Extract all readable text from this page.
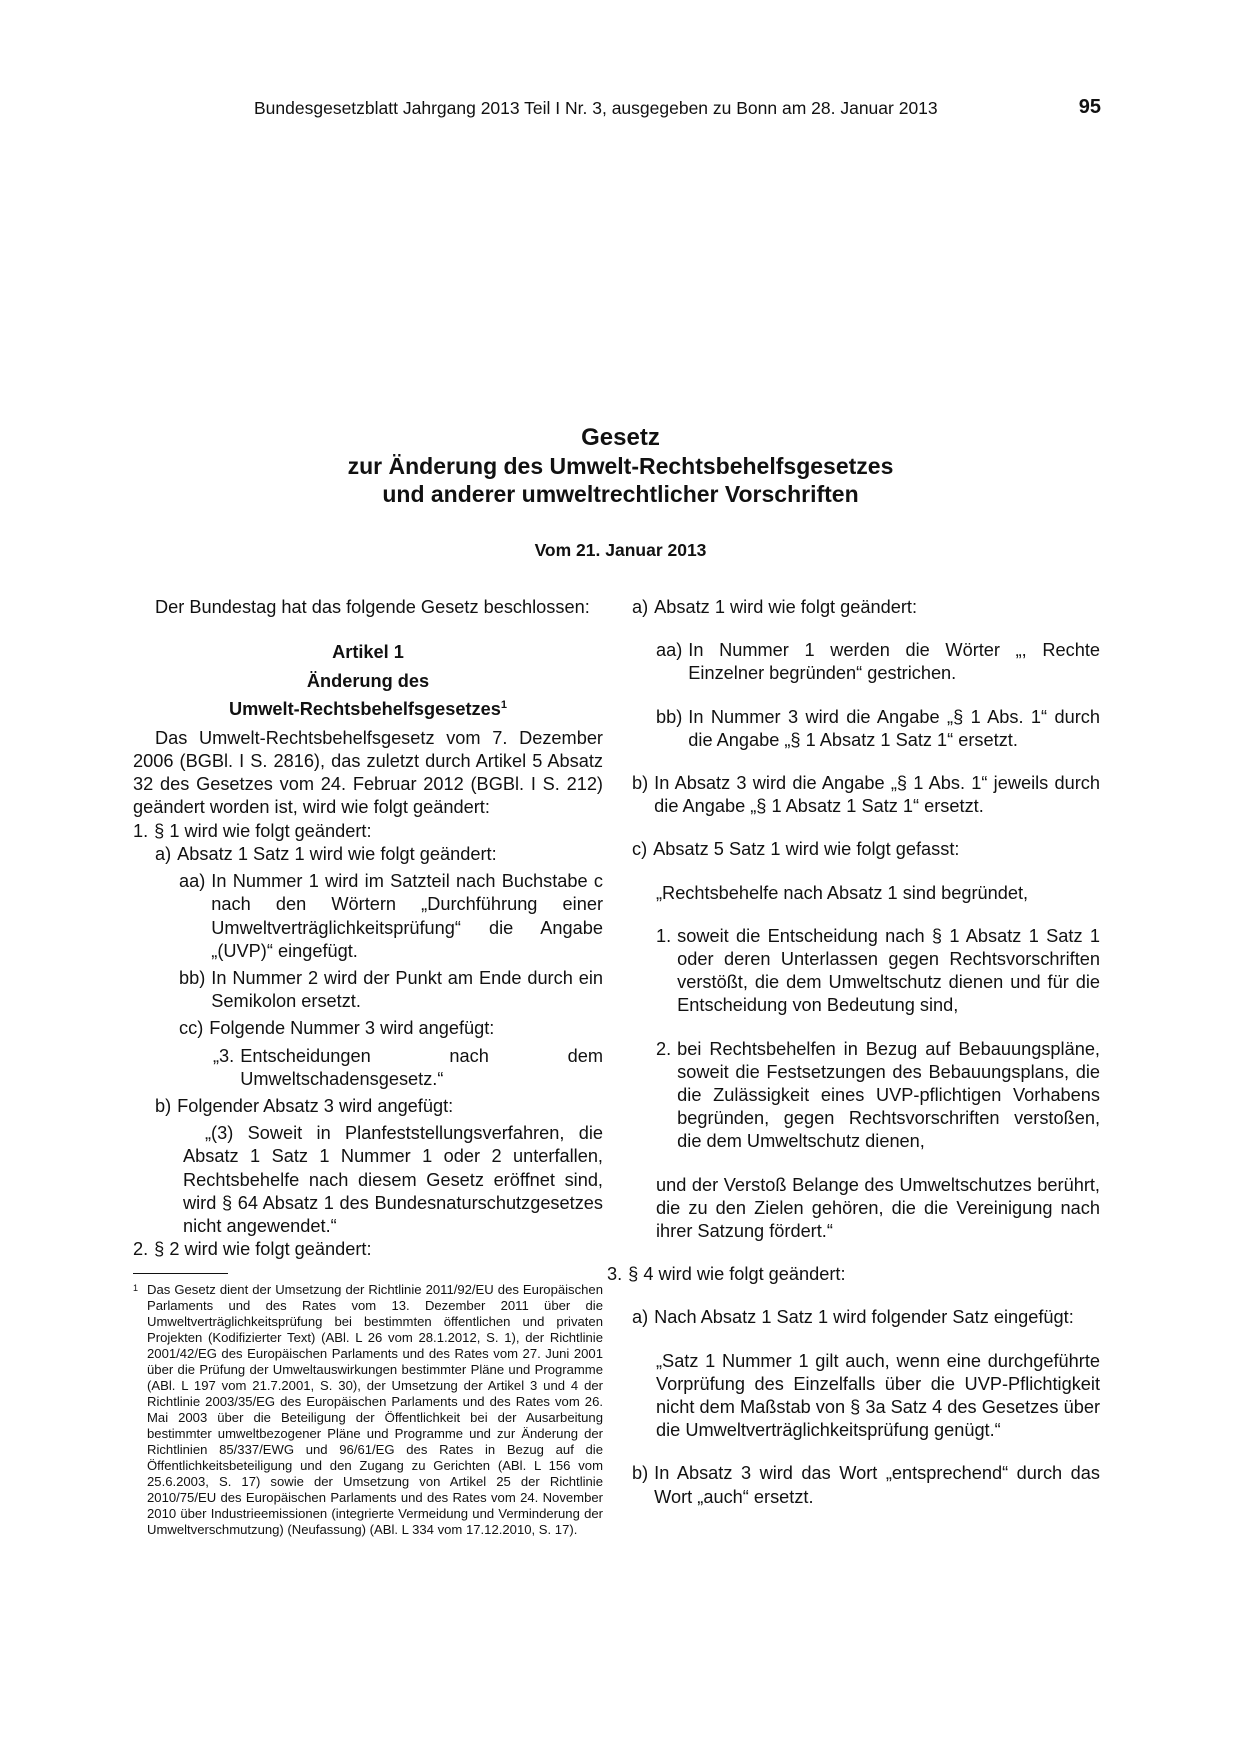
Bundesgesetzblatt Jahrgang 2013 Teil I Nr. 3, ausgegeben zu Bonn am 28. Januar 2013	95
Gesetz
zur Änderung des Umwelt-Rechtsbehelfsgesetzes
und anderer umweltrechtlicher Vorschriften
Vom 21. Januar 2013

Der Bundestag hat das folgende Gesetz beschlossen:

Artikel 1

Änderung des

Umwelt-Rechtsbehelfsgesetzes$^1$

Das Umwelt-Rechtsbehelfsgesetz vom 7. Dezember 2006 (BGBl. I S. 2816), das zuletzt durch Artikel 5 Absatz 32 des Gesetzes vom 24. Februar 2012 (BGBl. I S. 212) geändert worden ist, wird wie folgt geändert:

1. § 1 wird wie folgt geändert:
a) Absatz 1 Satz 1 wird wie folgt geändert:
aa) In Nummer 1 wird im Satzteil nach Buchstabe c nach den Wörtern „Durchführung einer Umweltverträglichkeitsprüfung“ die Angabe „(UVP)“ eingefügt.
bb) In Nummer 2 wird der Punkt am Ende durch ein Semikolon ersetzt.
cc) Folgende Nummer 3 wird angefügt:
„3. Entscheidungen nach dem Umweltschadensgesetz.“
b) Folgender Absatz 3 wird angefügt:

„(3) Soweit in Planfeststellungsverfahren, die Absatz 1 Satz 1 Nummer 1 oder 2 unterfallen, Rechtsbehelfe nach diesem Gesetz eröffnet sind, wird § 64 Absatz 1 des Bundesnaturschutzgesetzes nicht angewendet.“

2. § 2 wird wie folgt geändert:
1 Das Gesetz dient der Umsetzung der Richtlinie 2011/92/EU des Europäischen Parlaments und des Rates vom 13. Dezember 2011 über die Umweltverträglichkeitsprüfung bei bestimmten öffentlichen und privaten Projekten (Kodifizierter Text) (ABl. L 26 vom 28.1.2012, S. 1), der Richtlinie 2001/42/EG des Europäischen Parlaments und des Rates vom 27. Juni 2001 über die Prüfung der Umweltauswirkungen bestimmter Pläne und Programme (ABl. L 197 vom 21.7.2001, S. 30), der Umsetzung der Artikel 3 und 4 der Richtlinie 2003/35/EG des Europäischen Parlaments und des Rates vom 26. Mai 2003 über die Beteiligung der Öffentlichkeit bei der Ausarbeitung bestimmter umweltbezogener Pläne und Programme und zur Änderung der Richtlinien 85/337/EWG und 96/61/EG des Rates in Bezug auf die Öffentlichkeitsbeteiligung und den Zugang zu Gerichten (ABl. L 156 vom 25.6.2003, S. 17) sowie der Umsetzung von Artikel 25 der Richtlinie 2010/75/EU des Europäischen Parlaments und des Rates vom 24. November 2010 über Industrieemissionen (integrierte Vermeidung und Verminderung der Umweltverschmutzung) (Neufassung) (ABl. L 334 vom 17.12.2010, S. 17).
a) Absatz 1 wird wie folgt geändert:
aa) In Nummer 1 werden die Wörter „, Rechte Einzelner begründen“ gestrichen.
bb) In Nummer 3 wird die Angabe „§ 1 Abs. 1“ durch die Angabe „§ 1 Absatz 1 Satz 1“ ersetzt.
b) In Absatz 3 wird die Angabe „§ 1 Abs. 1“ jeweils durch die Angabe „§ 1 Absatz 1 Satz 1“ ersetzt.
c) Absatz 5 Satz 1 wird wie folgt gefasst:

„Rechtsbehelfe nach Absatz 1 sind begründet,

1. soweit die Entscheidung nach § 1 Absatz 1 Satz 1 oder deren Unterlassen gegen Rechtsvorschriften verstößt, die dem Umweltschutz dienen und für die Entscheidung von Bedeutung sind,
2. bei Rechtsbehelfen in Bezug auf Bebauungspläne, soweit die Festsetzungen des Bebauungsplans, die die Zulässigkeit eines UVP-pflichtigen Vorhabens begründen, gegen Rechtsvorschriften verstoßen, die dem Umweltschutz dienen,

und der Verstoß Belange des Umweltschutzes berührt, die zu den Zielen gehören, die die Vereinigung nach ihrer Satzung fördert.“

3. § 4 wird wie folgt geändert:
a) Nach Absatz 1 Satz 1 wird folgender Satz eingefügt:

„Satz 1 Nummer 1 gilt auch, wenn eine durchgeführte Vorprüfung des Einzelfalls über die UVP-Pflichtigkeit nicht dem Maßstab von § 3a Satz 4 des Gesetzes über die Umweltverträglichkeitsprüfung genügt.“

b) In Absatz 3 wird das Wort „entsprechend“ durch das Wort „auch“ ersetzt.
